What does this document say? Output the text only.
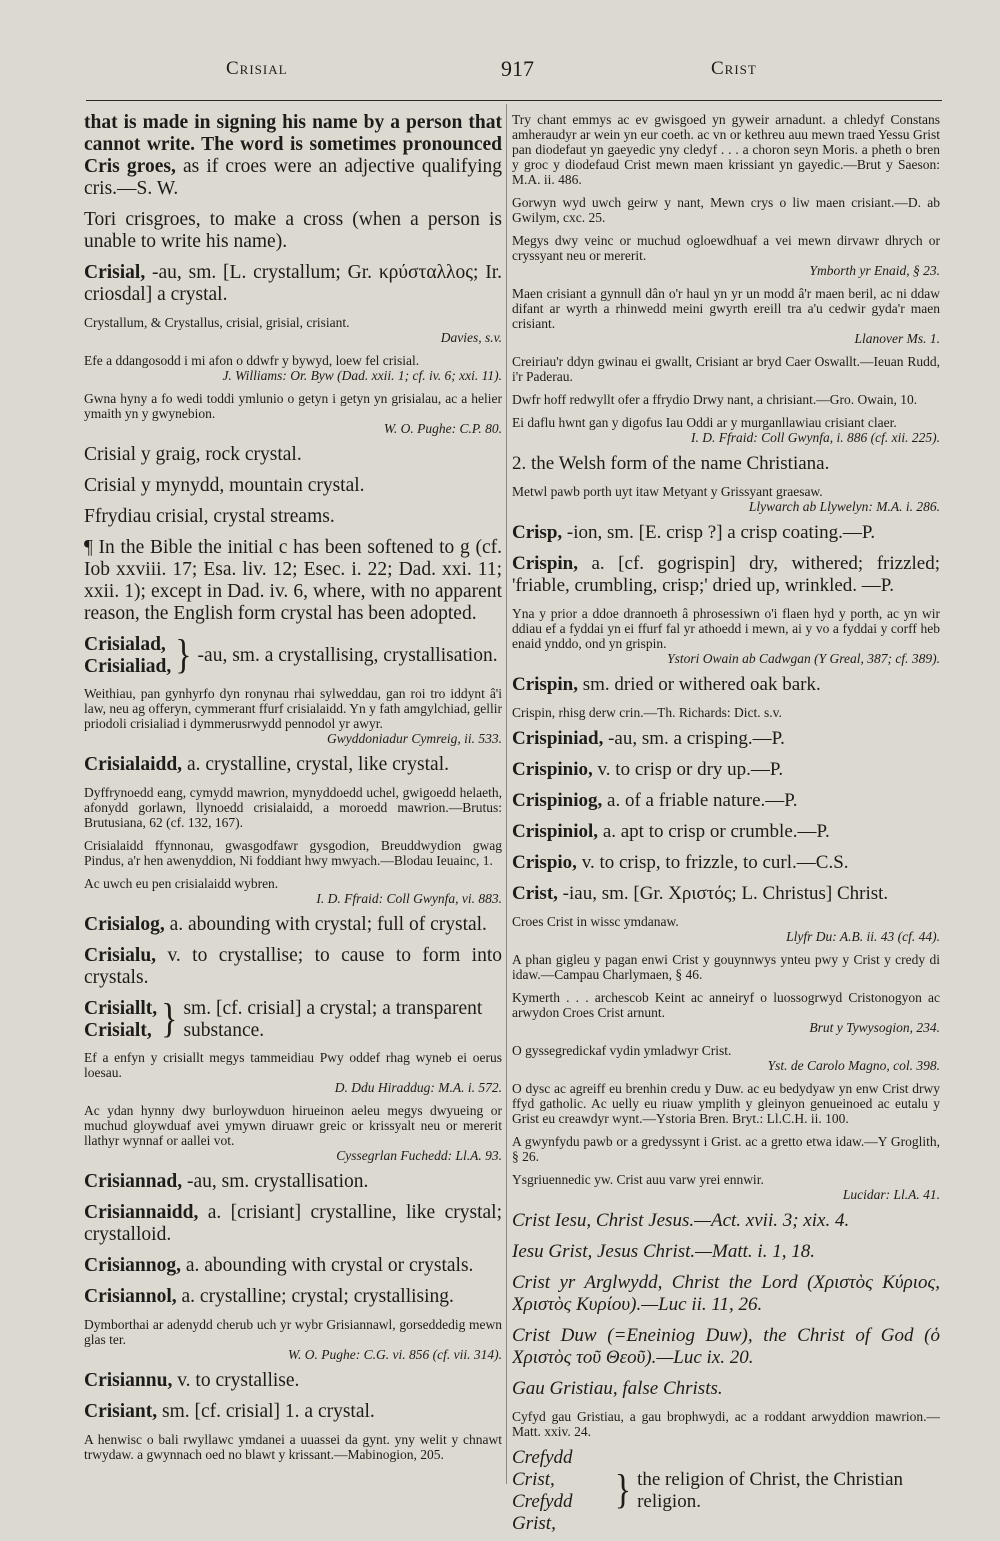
Crisial	917	Crist

that is made in signing his name by a person that cannot write. The word is sometimes pronounced Cris groes, as if croes were an adjective qualifying cris.—S. W.

Tori crisgroes, to make a cross (when a person is unable to write his name).

Crisial, -au, sm. [L. crystallum; Gr. κρύσταλλος; Ir. criosdal] a crystal.

Crystallum, & Crystallus, crisial, grisial, crisiant.
Davies, s.v.
Efe a ddangosodd i mi afon o ddwfr y bywyd, loew fel crisial.
J. Williams: Or. Byw (Dad. xxii. 1; cf. iv. 6; xxi. 11).
Gwna hyny a fo wedi toddi ymlunio o getyn i getyn yn grisialau, ac a helier ymaith yn y gwynebion.
W. O. Pughe: C.P. 80.

Crisial y graig, rock crystal.

Crisial y mynydd, mountain crystal.

Ffrydiau crisial, crystal streams.

¶ In the Bible the initial c has been softened to g (cf. Iob xxviii. 17; Esa. liv. 12; Esec. i. 22; Dad. xxi. 11; xxii. 1); except in Dad. iv. 6, where, with no apparent reason, the English form crystal has been adopted.

Crisialad,
Crisialiad, } -au, sm. a crystallising, crystallisation.
Weithiau, pan gynhyrfo dyn ronynau rhai sylweddau, gan roi tro iddynt â'i law, neu ag offeryn, cymmerant ffurf crisialaidd. Yn y fath amgylchiad, gellir priodoli crisialiad i dymmerusrwydd pennodol yr awyr.
Gwyddoniadur Cymreig, ii. 533.

Crisialaidd, a. crystalline, crystal, like crystal.

Dyffrynoedd eang, cymydd mawrion, mynyddoedd uchel, gwigoedd helaeth, afonydd gorlawn, llynoedd crisialaidd, a moroedd mawrion.—Brutus: Brutusiana, 62 (cf. 132, 167).
Crisialaidd ffynnonau, gwasgodfawr gysgodion, Breuddwydion gwag Pindus, a'r hen awenyddion, Ni foddiant hwy mwyach.—Blodau Ieuainc, 1.
Ac uwch eu pen crisialaidd wybren.
I. D. Ffraid: Coll Gwynfa, vi. 883.

Crisialog, a. abounding with crystal; full of crystal.

Crisialu, v. to crystallise; to cause to form into crystals.

Crisiallt,
Crisialt, } sm. [cf. crisial] a crystal; a transparent substance.
Ef a enfyn y crisiallt megys tammeidiau Pwy oddef rhag wyneb ei oerus loesau.
D. Ddu Hiraddug: M.A. i. 572.
Ac ydan hynny dwy burloywduon hirueinon aeleu megys dwyueing or muchud gloywduaf avei ymywn diruawr greic or krissyalt neu or mererit llathyr wynnaf or aallei vot.
Cyssegrlan Fuchedd: Ll.A. 93.

Crisiannad, -au, sm. crystallisation.

Crisiannaidd, a. [crisiant] crystalline, like crystal; crystalloid.

Crisiannog, a. abounding with crystal or crystals.

Crisiannol, a. crystalline; crystal; crystallising.

Dymborthai ar adenydd cherub uch yr wybr Grisiannawl, gorseddedig mewn glas ter.
W. O. Pughe: C.G. vi. 856 (cf. vii. 314).

Crisiannu, v. to crystallise.

Crisiant, sm. [cf. crisial] 1. a crystal.

A henwisc o bali rwyllawc ymdanei a uuassei da gynt. yny welit y chnawt trwydaw. a gwynnach oed no blawt y krissant.—Mabinogion, 205.
Try chant emmys ac ev gwisgoed yn gyweir arnadunt. a chledyf Constans amheraudyr ar wein yn eur coeth. ac vn or kethreu auu mewn traed Yessu Grist pan diodefaut yn gaeyedic yny cledyf . . . a choron seyn Moris. a pheth o bren y groc y diodefaud Crist mewn maen krissiant yn gayedic.—Brut y Saeson: M.A. ii. 486.
Gorwyn wyd uwch geirw y nant, Mewn crys o liw maen crisiant.—D. ab Gwilym, cxc. 25.
Megys dwy veinc or muchud ogloewdhuaf a vei mewn dirvawr dhrych or cryssyant neu or mererit.
Ymborth yr Enaid, § 23.
Maen crisiant a gynnull dân o'r haul yn yr un modd â'r maen beril, ac ni ddaw difant ar wyrth a rhinwedd meini gwyrth ereill tra a'u cedwir gyda'r maen crisiant.
Llanover Ms. 1.
Creiriau'r ddyn gwinau ei gwallt, Crisiant ar bryd Caer Oswallt.—Ieuan Rudd, i'r Paderau.
Dwfr hoff redwyllt ofer a ffrydio Drwy nant, a chrisiant.—Gro. Owain, 10.
Ei daflu hwnt gan y digofus Iau Oddi ar y murganllawiau crisiant claer.
I. D. Ffraid: Coll Gwynfa, i. 886 (cf. xii. 225).

2. the Welsh form of the name Christiana.

Metwl pawb porth uyt itaw Metyant y Grissyant graesaw.
Llywarch ab Llywelyn: M.A. i. 286.

Crisp, -ion, sm. [E. crisp ?] a crisp coating.—P.

Crispin, a. [cf. gogrispin] dry, withered; frizzled; 'friable, crumbling, crisp;' dried up, wrinkled. —P.

Yna y prior a ddoe drannoeth â phrosessiwn o'i flaen hyd y porth, ac yn wir ddiau ef a fyddai yn ei ffurf fal yr athoedd i mewn, ai y vo a fyddai y corff heb enaid ynddo, ond yn grispin.
Ystori Owain ab Cadwgan (Y Greal, 387; cf. 389).

Crispin, sm. dried or withered oak bark.

Crispin, rhisg derw crin.—Th. Richards: Dict. s.v.

Crispiniad, -au, sm. a crisping.—P.

Crispinio, v. to crisp or dry up.—P.

Crispiniog, a. of a friable nature.—P.

Crispiniol, a. apt to crisp or crumble.—P.

Crispio, v. to crisp, to frizzle, to curl.—C.S.

Crist, -iau, sm. [Gr. Χριστός; L. Christus] Christ.

Croes Crist in wissc ymdanaw.
Llyfr Du: A.B. ii. 43 (cf. 44).
A phan gigleu y pagan enwi Crist y gouynnwys ynteu pwy y Crist y credy di idaw.—Campau Charlymaen, § 46.
Kymerth . . . archescob Keint ac anneiryf o luossogrwyd Cristonogyon ac arwydon Croes Crist arnunt.
Brut y Tywysogion, 234.
O gyssegredickaf vydin ymladwyr Crist.
Yst. de Carolo Magno, col. 398.
O dysc ac agreiff eu brenhin credu y Duw. ac eu bedydyaw yn enw Crist drwy ffyd gatholic. Ac uelly eu riuaw ymplith y gleinyon genueinoed ac eutalu y Grist eu creawdyr wynt.—Ystoria Bren. Bryt.: Ll.C.H. ii. 100.
A gwynfydu pawb or a gredyssynt i Grist. ac a gretto etwa idaw.—Y Groglith, § 26.
Ysgriuennedic yw. Crist auu varw yrei ennwir.
Lucidar: Ll.A. 41.

Crist Iesu, Christ Jesus.—Act. xvii. 3; xix. 4.

Iesu Grist, Jesus Christ.—Matt. i. 1, 18.

Crist yr Arglwydd, Christ the Lord (Χριστὸς Κύριος, Χριστὸς Κυρίου).—Luc ii. 11, 26.

Crist Duw (=Eneiniog Duw), the Christ of God (ὁ Χριστὸς τοῦ Θεοῦ).—Luc ix. 20.

Gau Gristiau, false Christs.

Cyfyd gau Gristiau, a gau brophwydi, ac a roddant arwyddion mawrion.—Matt. xxiv. 24.
Crefydd Crist,
Crefydd Grist,
} the religion of Christ, the Christian religion.
